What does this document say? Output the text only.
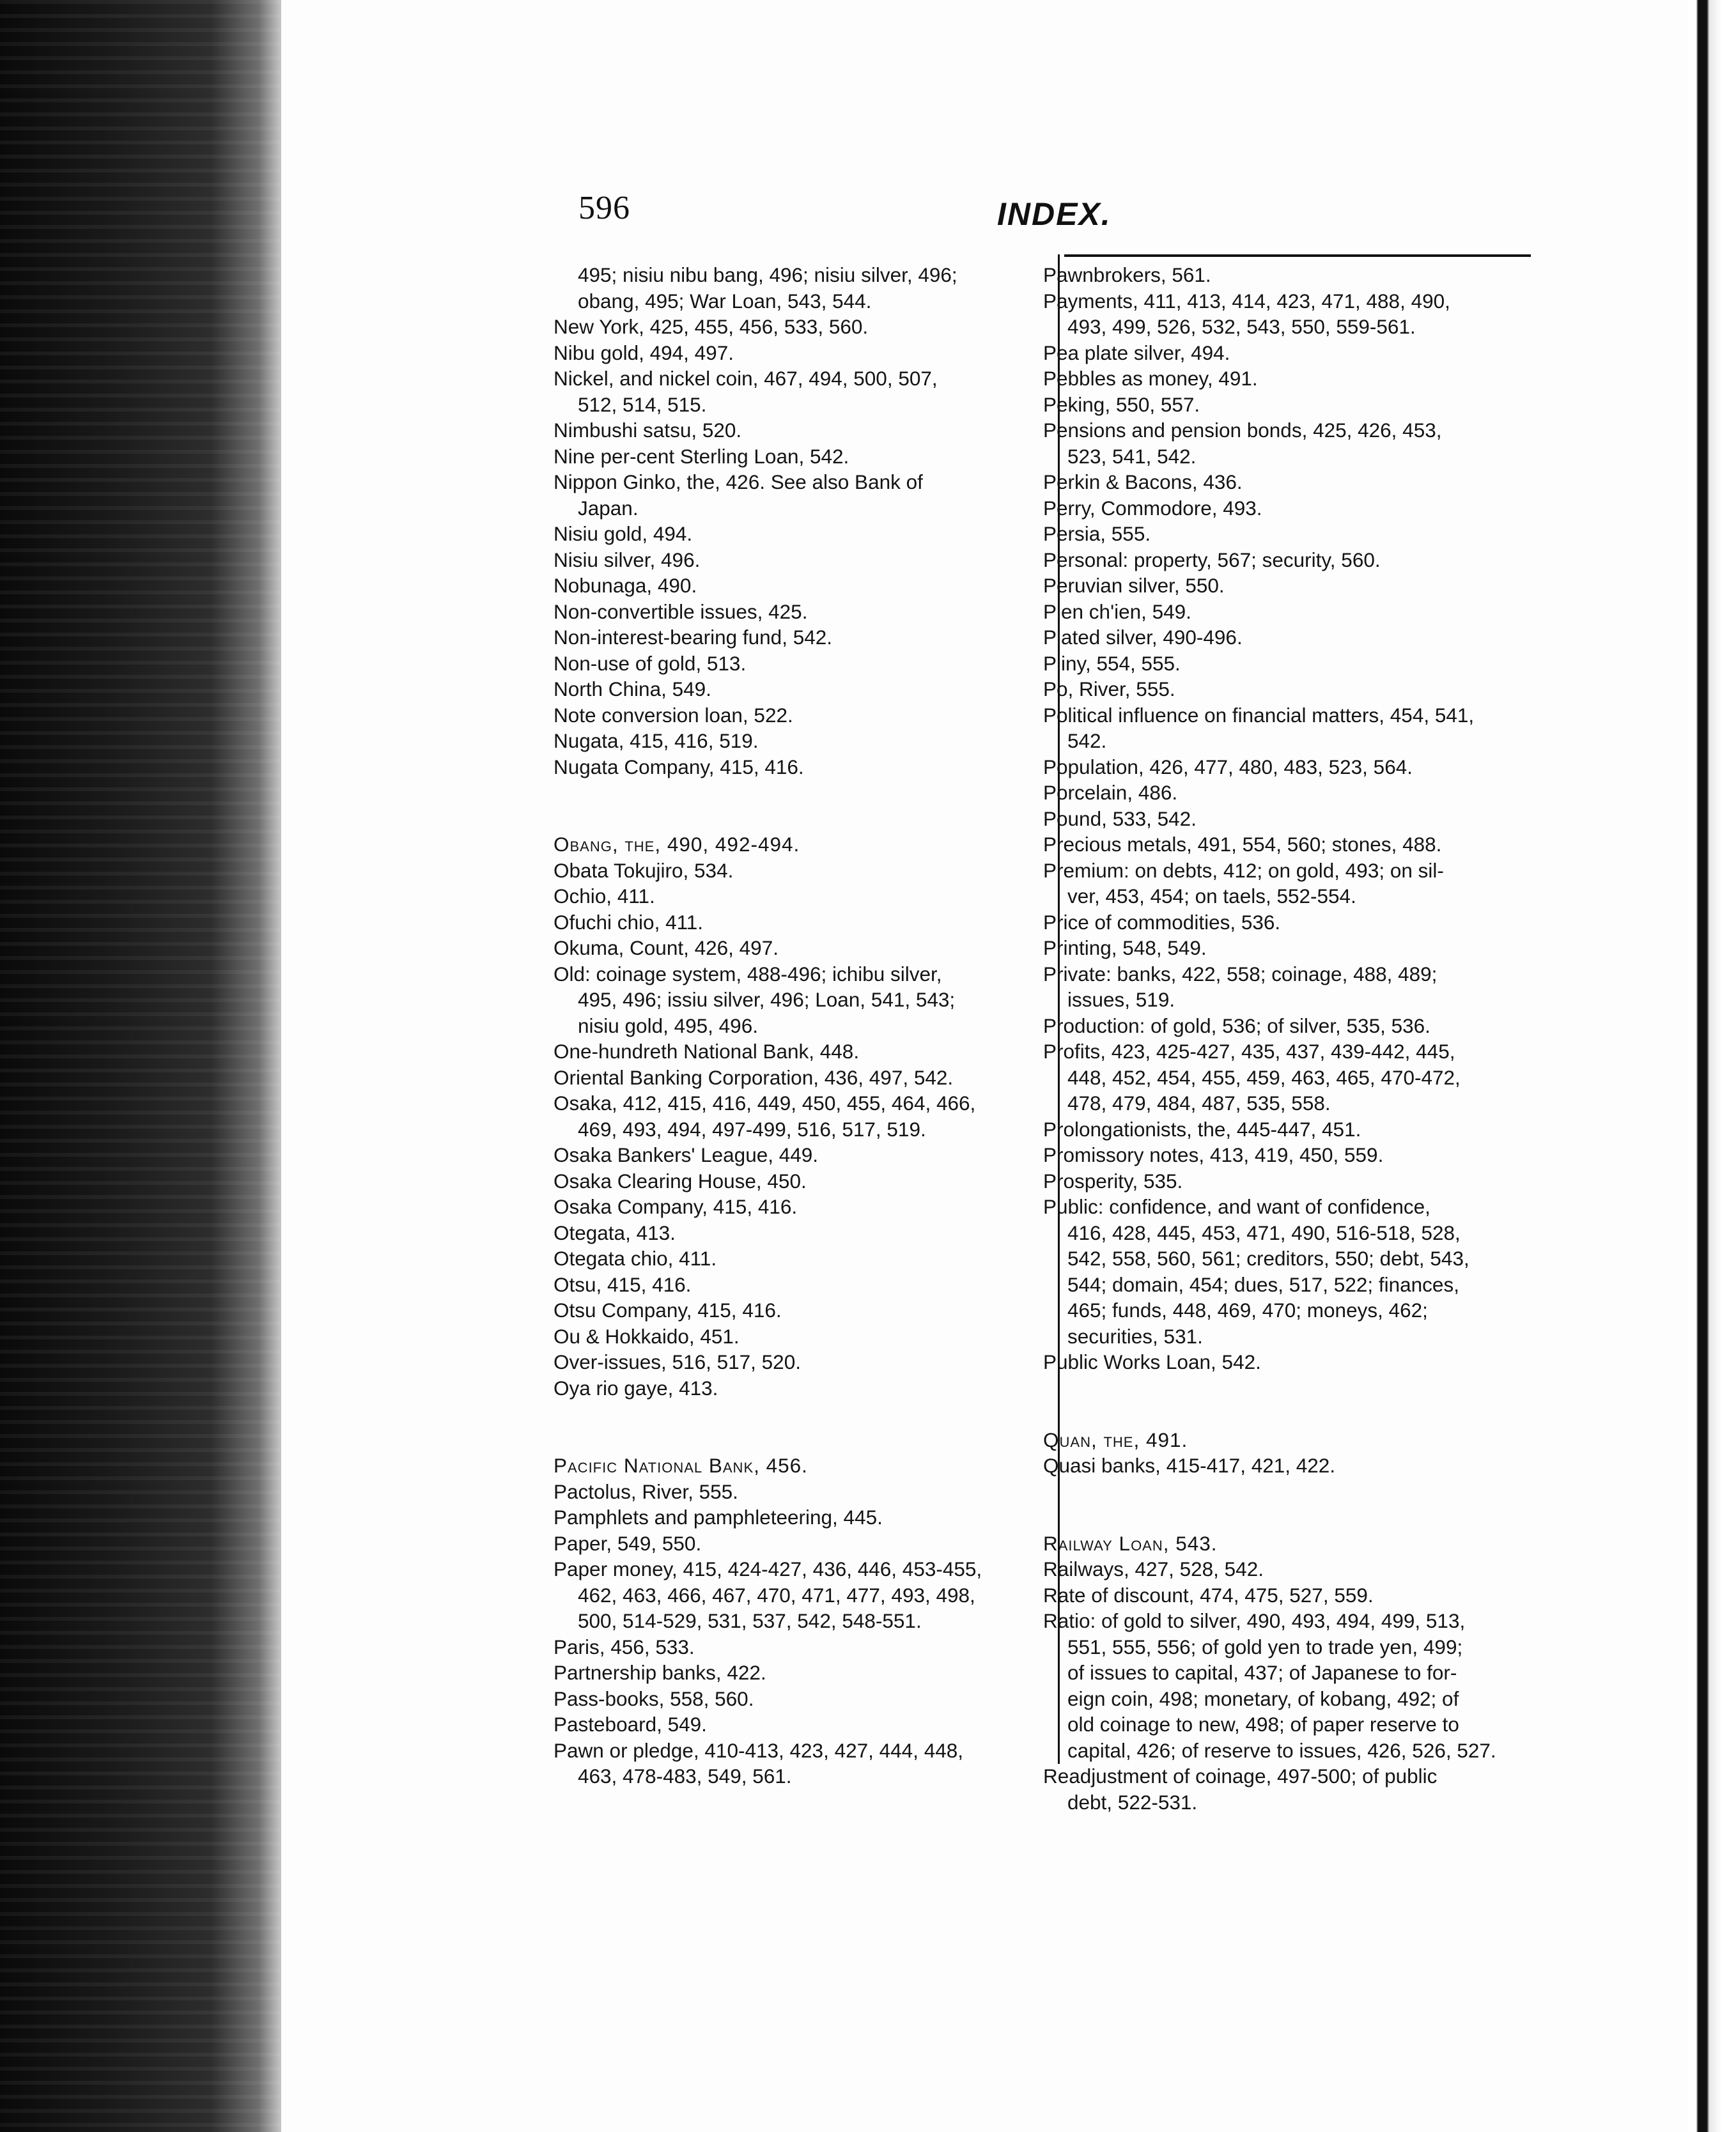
596	INDEX.
495; nisiu nibu bang, 496; nisiu silver, 496;
obang, 495; War Loan, 543, 544.
New York, 425, 455, 456, 533, 560.
Nibu gold, 494, 497.
Nickel, and nickel coin, 467, 494, 500, 507,
512, 514, 515.
Nimbushi satsu, 520.
Nine per-cent Sterling Loan, 542.
Nippon Ginko, the, 426. See also Bank of
Japan.
Nisiu gold, 494.
Nisiu silver, 496.
Nobunaga, 490.
Non-convertible issues, 425.
Non-interest-bearing fund, 542.
Non-use of gold, 513.
North China, 549.
Note conversion loan, 522.
Nugata, 415, 416, 519.
Nugata Company, 415, 416.
Obang, the, 490, 492-494.
Obata Tokujiro, 534.
Ochio, 411.
Ofuchi chio, 411.
Okuma, Count, 426, 497.
Old: coinage system, 488-496; ichibu silver,
495, 496; issiu silver, 496; Loan, 541, 543;
nisiu gold, 495, 496.
One-hundreth National Bank, 448.
Oriental Banking Corporation, 436, 497, 542.
Osaka, 412, 415, 416, 449, 450, 455, 464, 466,
469, 493, 494, 497-499, 516, 517, 519.
Osaka Bankers' League, 449.
Osaka Clearing House, 450.
Osaka Company, 415, 416.
Otegata, 413.
Otegata chio, 411.
Otsu, 415, 416.
Otsu Company, 415, 416.
Ou & Hokkaido, 451.
Over-issues, 516, 517, 520.
Oya rio gaye, 413.
Pacific National Bank, 456.
Pactolus, River, 555.
Pamphlets and pamphleteering, 445.
Paper, 549, 550.
Paper money, 415, 424-427, 436, 446, 453-455,
462, 463, 466, 467, 470, 471, 477, 493, 498,
500, 514-529, 531, 537, 542, 548-551.
Paris, 456, 533.
Partnership banks, 422.
Pass-books, 558, 560.
Pasteboard, 549.
Pawn or pledge, 410-413, 423, 427, 444, 448,
463, 478-483, 549, 561.
Pawnbrokers, 561.
Payments, 411, 413, 414, 423, 471, 488, 490,
493, 499, 526, 532, 543, 550, 559-561.
Pea plate silver, 494.
Pebbles as money, 491.
Peking, 550, 557.
Pensions and pension bonds, 425, 426, 453,
523, 541, 542.
Perkin & Bacons, 436.
Perry, Commodore, 493.
Persia, 555.
Personal: property, 567; security, 560.
Peruvian silver, 550.
Pien ch'ien, 549.
Plated silver, 490-496.
Pliny, 554, 555.
Po, River, 555.
Political influence on financial matters, 454, 541,
542.
Population, 426, 477, 480, 483, 523, 564.
Porcelain, 486.
Pound, 533, 542.
Precious metals, 491, 554, 560; stones, 488.
Premium: on debts, 412; on gold, 493; on sil-
ver, 453, 454; on taels, 552-554.
Price of commodities, 536.
Printing, 548, 549.
Private: banks, 422, 558; coinage, 488, 489;
issues, 519.
Production: of gold, 536; of silver, 535, 536.
Profits, 423, 425-427, 435, 437, 439-442, 445,
448, 452, 454, 455, 459, 463, 465, 470-472,
478, 479, 484, 487, 535, 558.
Prolongationists, the, 445-447, 451.
Promissory notes, 413, 419, 450, 559.
Prosperity, 535.
Public: confidence, and want of confidence,
416, 428, 445, 453, 471, 490, 516-518, 528,
542, 558, 560, 561; creditors, 550; debt, 543,
544; domain, 454; dues, 517, 522; finances,
465; funds, 448, 469, 470; moneys, 462;
securities, 531.
Public Works Loan, 542.
Quan, the, 491.
Quasi banks, 415-417, 421, 422.
Railway Loan, 543.
Railways, 427, 528, 542.
Rate of discount, 474, 475, 527, 559.
Ratio: of gold to silver, 490, 493, 494, 499, 513,
551, 555, 556; of gold yen to trade yen, 499;
of issues to capital, 437; of Japanese to for-
eign coin, 498; monetary, of kobang, 492; of
old coinage to new, 498; of paper reserve to
capital, 426; of reserve to issues, 426, 526, 527.
Readjustment of coinage, 497-500; of public
debt, 522-531.
